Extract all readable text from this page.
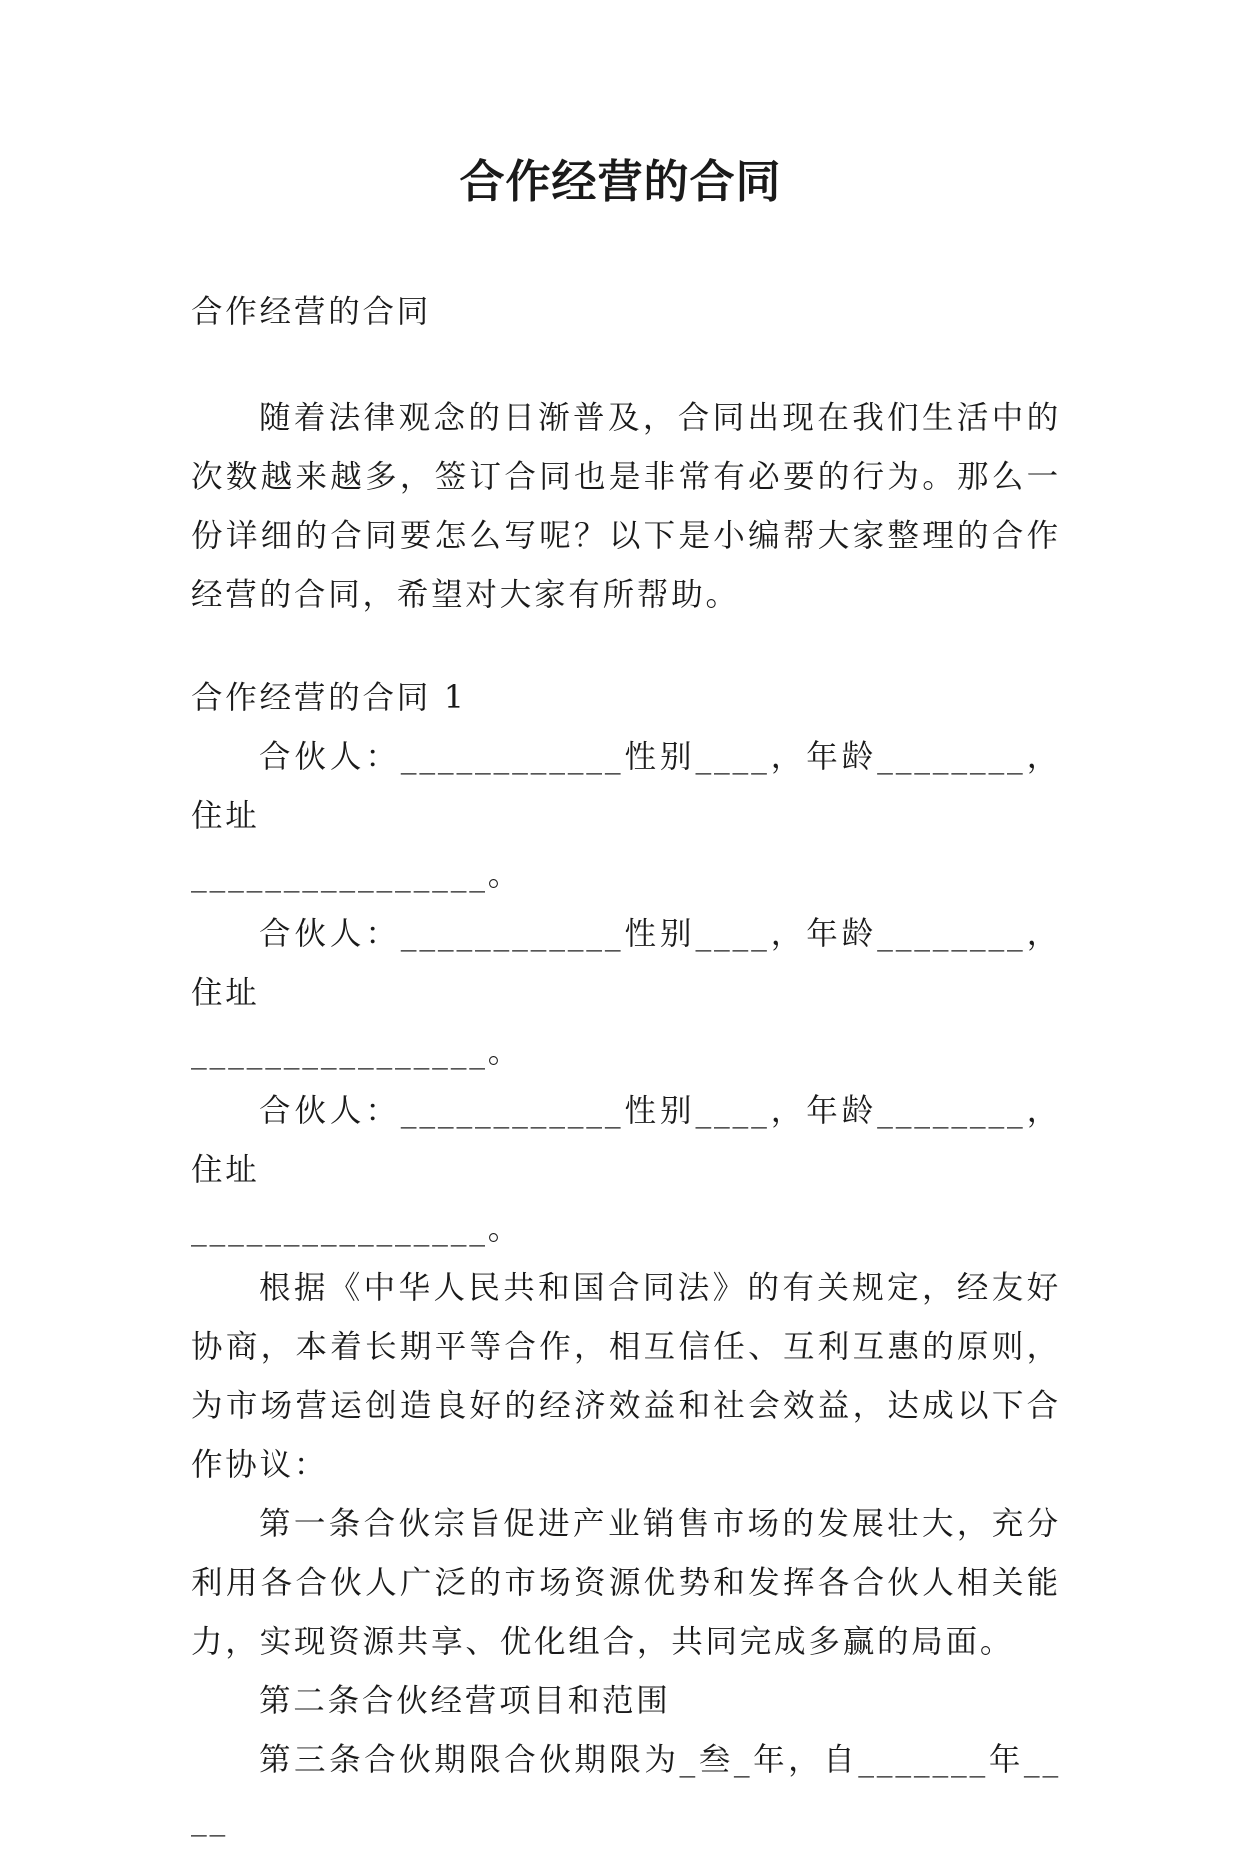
合作经营的合同

合作经营的合同

随着法律观念的日渐普及，合同出现在我们生活中的次数越来越多，签订合同也是非常有必要的行为。那么一份详细的合同要怎么写呢？以下是小编帮大家整理的合作经营的合同，希望对大家有所帮助。

合作经营的合同 1

合伙人：____________性别____，年龄________，住址

________________。

合伙人：____________性别____，年龄________，住址

________________。

合伙人：____________性别____，年龄________，住址

________________。

根据《中华人民共和国合同法》的有关规定，经友好协商，本着长期平等合作，相互信任、互利互惠的原则，为市场营运创造良好的经济效益和社会效益，达成以下合作协议：

第一条合伙宗旨促进产业销售市场的发展壮大，充分利用各合伙人广泛的市场资源优势和发挥各合伙人相关能力，实现资源共享、优化组合，共同完成多赢的局面。

第二条合伙经营项目和范围

第三条合伙期限合伙期限为_叁_年，自_______年____
